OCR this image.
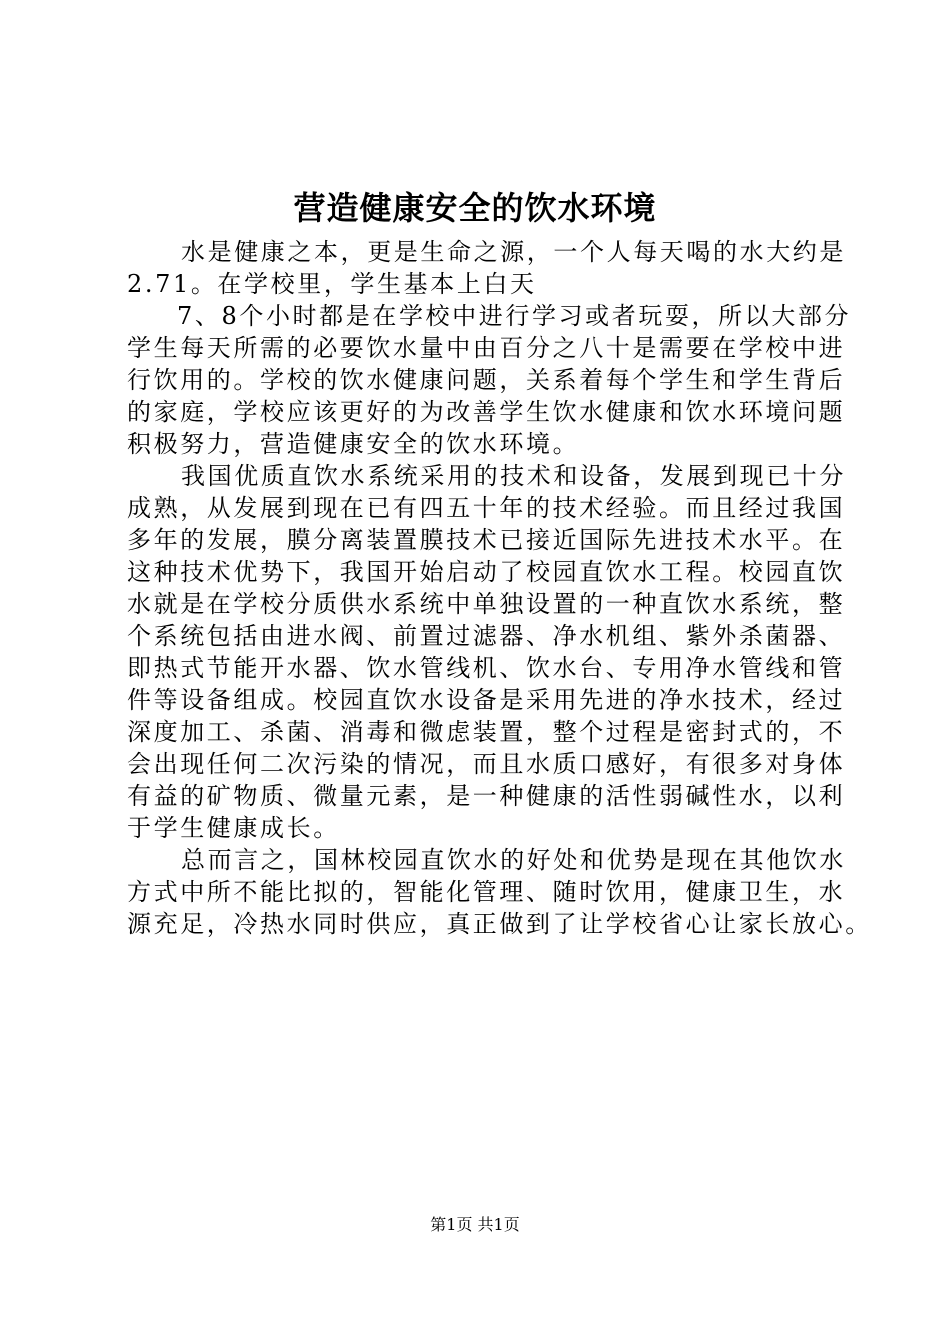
营造健康安全的饮水环境
水是健康之本，更是生命之源，一个人每天喝的水大约是
2.71。在学校里，学生基本上白天
7、8个小时都是在学校中进行学习或者玩耍，所以大部分
学生每天所需的必要饮水量中由百分之八十是需要在学校中进
行饮用的。学校的饮水健康问题，关系着每个学生和学生背后
的家庭，学校应该更好的为改善学生饮水健康和饮水环境问题
积极努力，营造健康安全的饮水环境。
我国优质直饮水系统采用的技术和设备，发展到现已十分
成熟，从发展到现在已有四五十年的技术经验。而且经过我国
多年的发展，膜分离装置膜技术已接近国际先进技术水平。在
这种技术优势下，我国开始启动了校园直饮水工程。校园直饮
水就是在学校分质供水系统中单独设置的一种直饮水系统，整
个系统包括由进水阀、前置过滤器、净水机组、紫外杀菌器、
即热式节能开水器、饮水管线机、饮水台、专用净水管线和管
件等设备组成。校园直饮水设备是采用先进的净水技术，经过
深度加工、杀菌、消毒和微虑装置，整个过程是密封式的，不
会出现任何二次污染的情况，而且水质口感好，有很多对身体
有益的矿物质、微量元素，是一种健康的活性弱碱性水，以利
于学生健康成长。
总而言之，国林校园直饮水的好处和优势是现在其他饮水
方式中所不能比拟的，智能化管理、随时饮用，健康卫生，水
源充足，冷热水同时供应，真正做到了让学校省心让家长放心。
第1页 共1页
